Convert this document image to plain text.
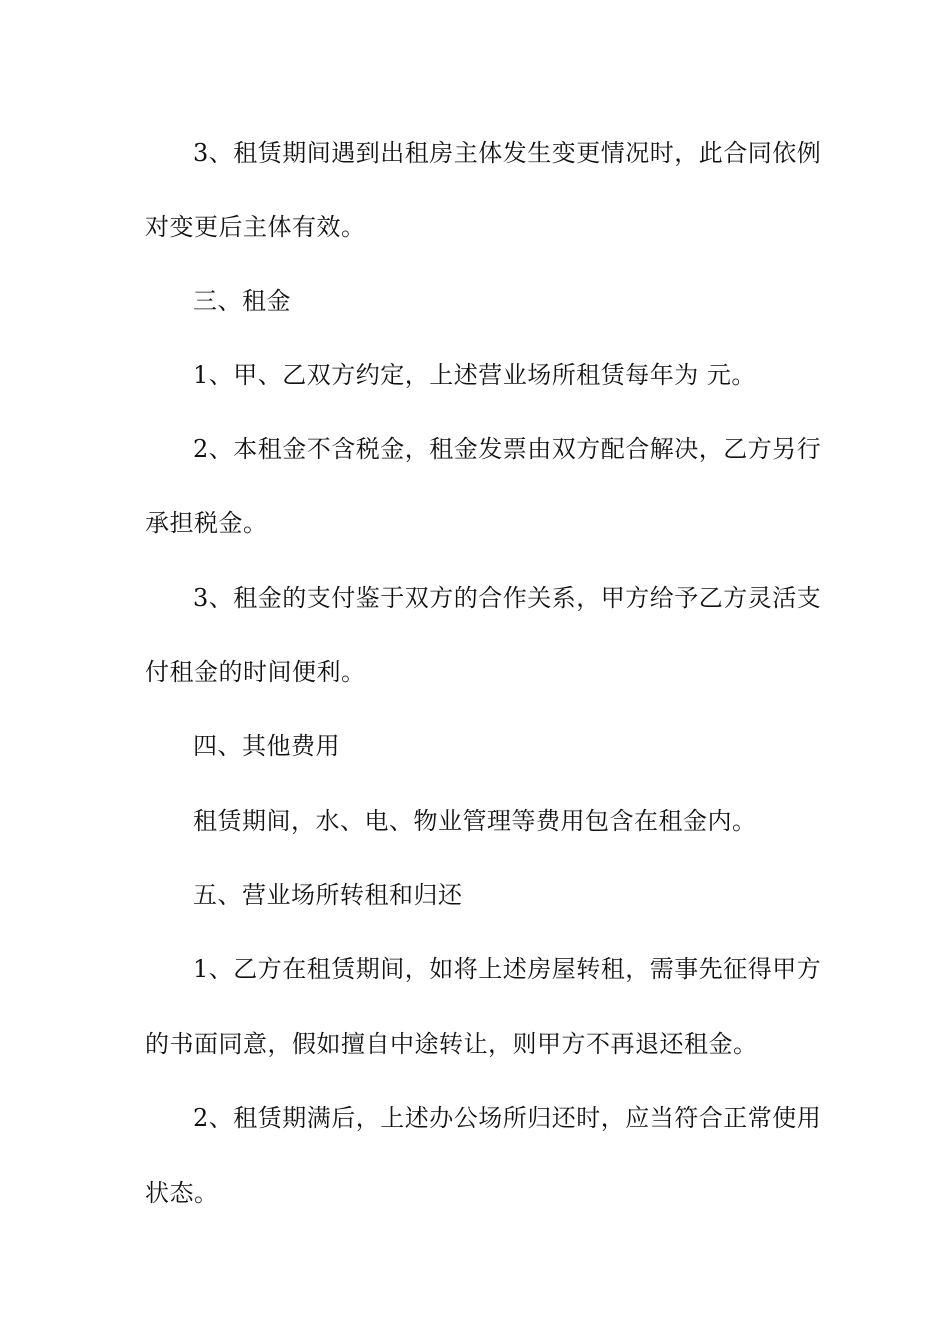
3、租赁期间遇到出租房主体发生变更情况时，此合同依例
对变更后主体有效。
三、租金
1、甲、乙双方约定，上述营业场所租赁每年为 元。
2、本租金不含税金，租金发票由双方配合解决，乙方另行
承担税金。
3、租金的支付鉴于双方的合作关系，甲方给予乙方灵活支
付租金的时间便利。
四、其他费用
租赁期间，水、电、物业管理等费用包含在租金内。
五、营业场所转租和归还
1、乙方在租赁期间，如将上述房屋转租，需事先征得甲方
的书面同意，假如擅自中途转让，则甲方不再退还租金。
2、租赁期满后，上述办公场所归还时，应当符合正常使用
状态。
